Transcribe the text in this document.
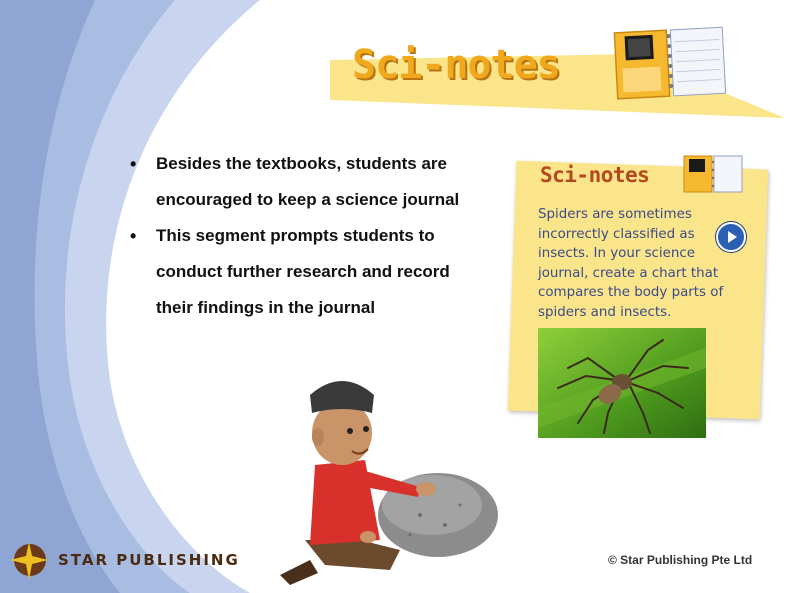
Sci-notes
• Besides the textbooks, students are encouraged to keep a science journal
• This segment prompts students to conduct further research and record their findings in the journal
Sci-notes
Spiders are sometimes incorrectly classified as insects. In your science journal, create a chart that compares the body parts of spiders and insects.
STAR PUBLISHING	© Star Publishing Pte Ltd
